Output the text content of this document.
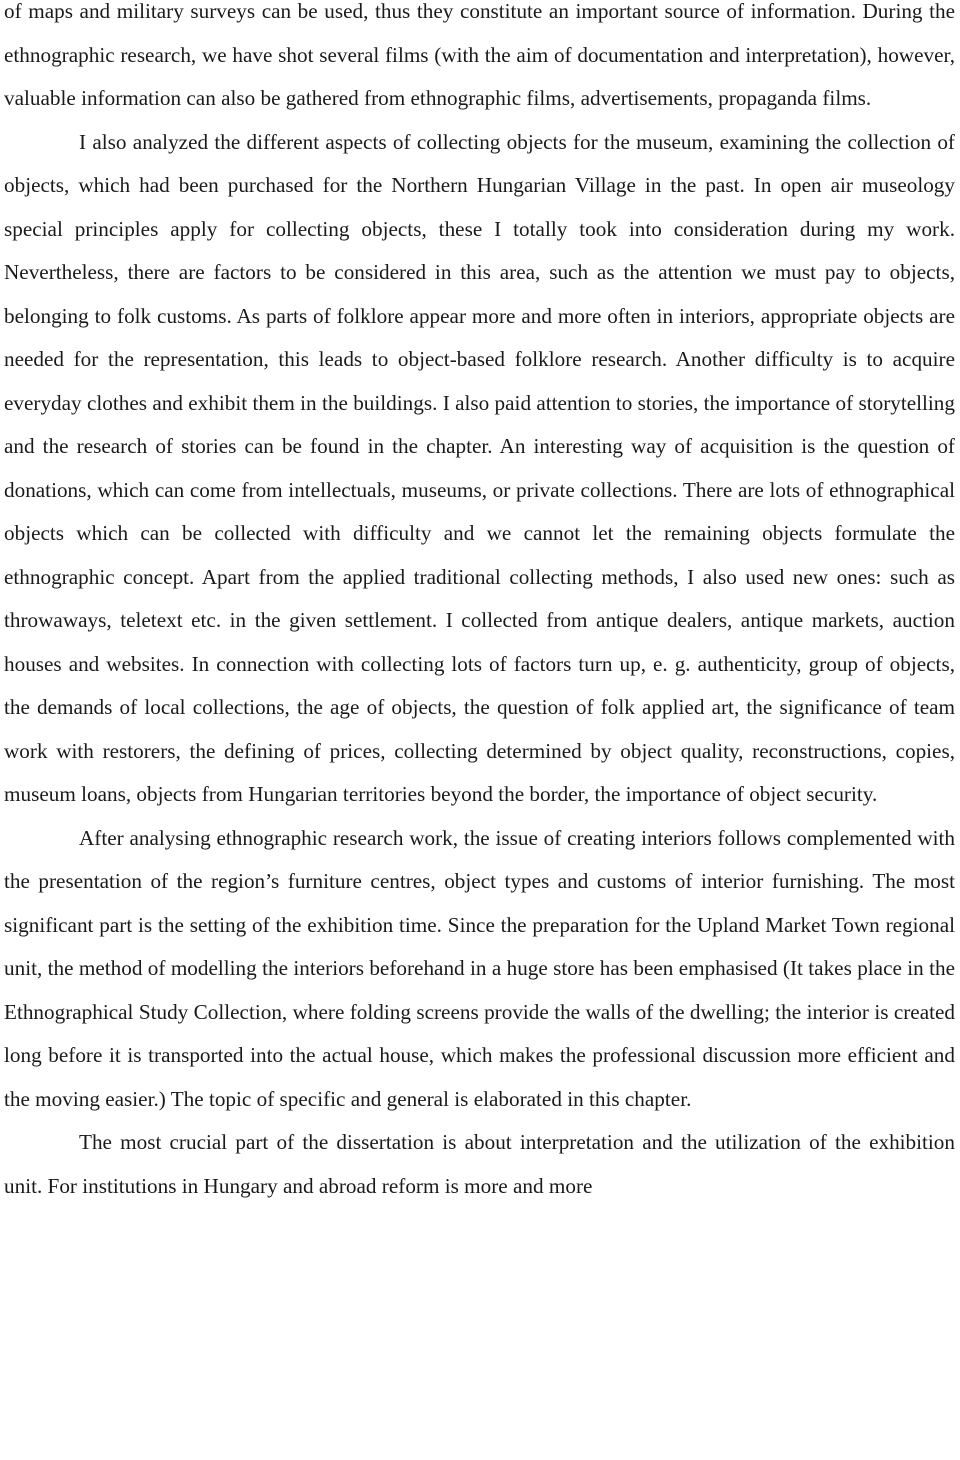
of maps and military surveys can be used, thus they constitute an important source of information. During the ethnographic research, we have shot several films (with the aim of documentation and interpretation), however, valuable information can also be gathered from ethnographic films, advertisements, propaganda films.

I also analyzed the different aspects of collecting objects for the museum, examining the collection of objects, which had been purchased for the Northern Hungarian Village in the past. In open air museology special principles apply for collecting objects, these I totally took into consideration during my work. Nevertheless, there are factors to be considered in this area, such as the attention we must pay to objects, belonging to folk customs. As parts of folklore appear more and more often in interiors, appropriate objects are needed for the representation, this leads to object-based folklore research. Another difficulty is to acquire everyday clothes and exhibit them in the buildings. I also paid attention to stories, the importance of storytelling and the research of stories can be found in the chapter. An interesting way of acquisition is the question of donations, which can come from intellectuals, museums, or private collections. There are lots of ethnographical objects which can be collected with difficulty and we cannot let the remaining objects formulate the ethnographic concept. Apart from the applied traditional collecting methods, I also used new ones: such as throwaways, teletext etc. in the given settlement. I collected from antique dealers, antique markets, auction houses and websites. In connection with collecting lots of factors turn up, e. g. authenticity, group of objects, the demands of local collections, the age of objects, the question of folk applied art, the significance of team work with restorers, the defining of prices, collecting determined by object quality, reconstructions, copies, museum loans, objects from Hungarian territories beyond the border, the importance of object security.

After analysing ethnographic research work, the issue of creating interiors follows complemented with the presentation of the region’s furniture centres, object types and customs of interior furnishing. The most significant part is the setting of the exhibition time. Since the preparation for the Upland Market Town regional unit, the method of modelling the interiors beforehand in a huge store has been emphasised (It takes place in the Ethnographical Study Collection, where folding screens provide the walls of the dwelling; the interior is created long before it is transported into the actual house, which makes the professional discussion more efficient and the moving easier.) The topic of specific and general is elaborated in this chapter.

The most crucial part of the dissertation is about interpretation and the utilization of the exhibition unit. For institutions in Hungary and abroad reform is more and more
